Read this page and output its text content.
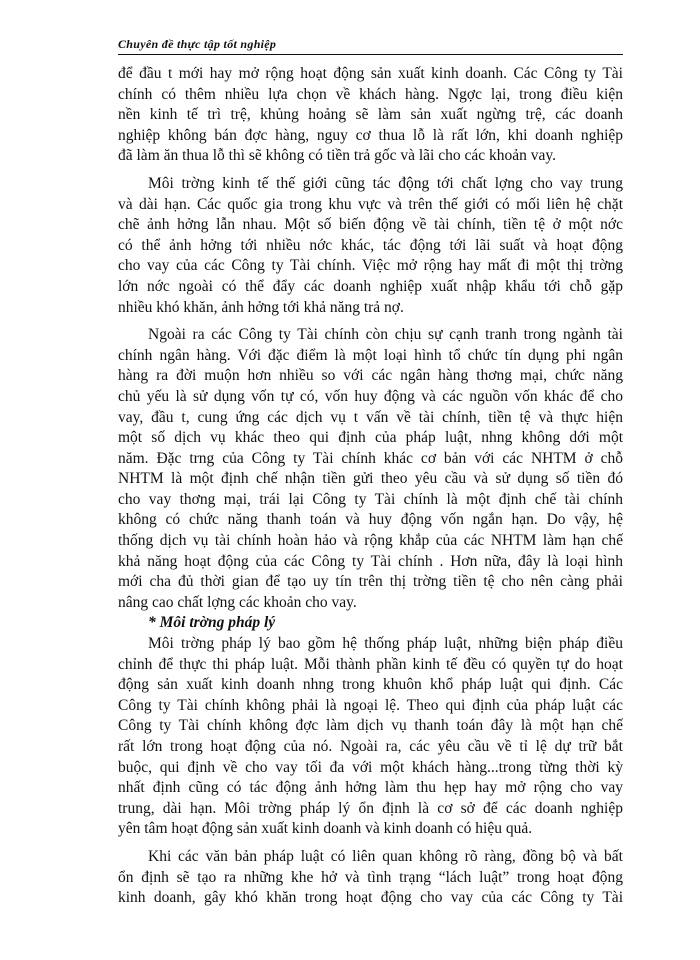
Chuyên đề thực tập tốt nghiệp
để đầu t mới hay mở rộng hoạt động sản xuất kinh doanh. Các Công ty Tài
chính có thêm nhiều lựa chọn về khách hàng. Ngợc lại, trong điều kiện
nền kinh tế trì trệ, khủng hoảng sẽ làm sản xuất ngừng trệ, các doanh
nghiệp không bán đợc hàng, nguy cơ thua lỗ là rất lớn, khi doanh nghiệp
đã làm ăn thua lỗ thì sẽ không có tiền trả gốc và lãi cho các khoản vay.
Môi trờng kinh tế thế giới cũng tác động tới chất lợng cho vay trung
và dài hạn. Các quốc gia trong khu vực và trên thế giới có mối liên hệ chặt
chẽ ảnh hởng lẫn nhau. Một số biến động về tài chính, tiền tệ ở một nớc
có thể ảnh hởng tới nhiều nớc khác, tác động tới lãi suất và hoạt động
cho vay của các Công ty Tài chính. Việc mở rộng hay mất đi một thị trờng
lớn nớc ngoài có thể đẩy các doanh nghiệp xuất nhập khẩu tới chỗ gặp
nhiều khó khăn, ảnh hởng tới khả năng trả nợ.
Ngoài ra các Công ty Tài chính còn chịu sự cạnh tranh trong ngành tài
chính ngân hàng. Với đặc điểm là một loại hình tổ chức tín dụng phi ngân
hàng ra đời muộn hơn nhiều so với các ngân hàng thơng mại, chức năng
chủ yếu là sử dụng vốn tự có, vốn huy động và các nguồn vốn khác để cho
vay, đầu t, cung ứng các dịch vụ t vấn về tài chính, tiền tệ và thực hiện
một số dịch vụ khác theo qui định của pháp luật, nhng không dới một
năm. Đặc trng của Công ty Tài chính khác cơ bản với các NHTM ở chỗ
NHTM là một định chế nhận tiền gửi theo yêu cầu và sử dụng số tiền đó
cho vay thơng mại, trái lại Công ty Tài chính là một định chế tài chính
không có chức năng thanh toán và huy động vốn ngắn hạn. Do vậy, hệ
thống dịch vụ tài chính hoàn hảo và rộng khắp của các NHTM làm hạn chế
khả năng hoạt động của các Công ty Tài chính . Hơn nữa, đây là loại hình
mới cha đủ thời gian để tạo uy tín trên thị trờng tiền tệ cho nên càng phải
nâng cao chất lợng các khoản cho vay.
* Môi trờng pháp lý
Môi trờng pháp lý bao gồm hệ thống pháp luật, những biện pháp điều
chỉnh để thực thi pháp luật. Mỗi thành phần kinh tế đều có quyền tự do hoạt
động sản xuất kinh doanh nhng trong khuôn khổ pháp luật qui định. Các
Công ty Tài chính không phải là ngoại lệ. Theo qui định của pháp luật các
Công ty Tài chính không đợc làm dịch vụ thanh toán đây là một hạn chế
rất lớn trong hoạt động của nó. Ngoài ra, các yêu cầu về tỉ lệ dự trữ bắt
buộc, qui định về cho vay tối đa với một khách hàng...trong từng thời kỳ
nhất định cũng có tác động ảnh hởng làm thu hẹp hay mở rộng cho vay
trung, dài hạn. Môi trờng pháp lý ổn định là cơ sở để các doanh nghiệp
yên tâm hoạt động sản xuất kinh doanh và kinh doanh có hiệu quả.
Khi các văn bản pháp luật có liên quan không rõ ràng, đồng bộ và bất
ổn định sẽ tạo ra những khe hở và tình trạng “lách luật” trong hoạt động
kinh doanh, gây khó khăn trong hoạt động cho vay của các Công ty Tài
